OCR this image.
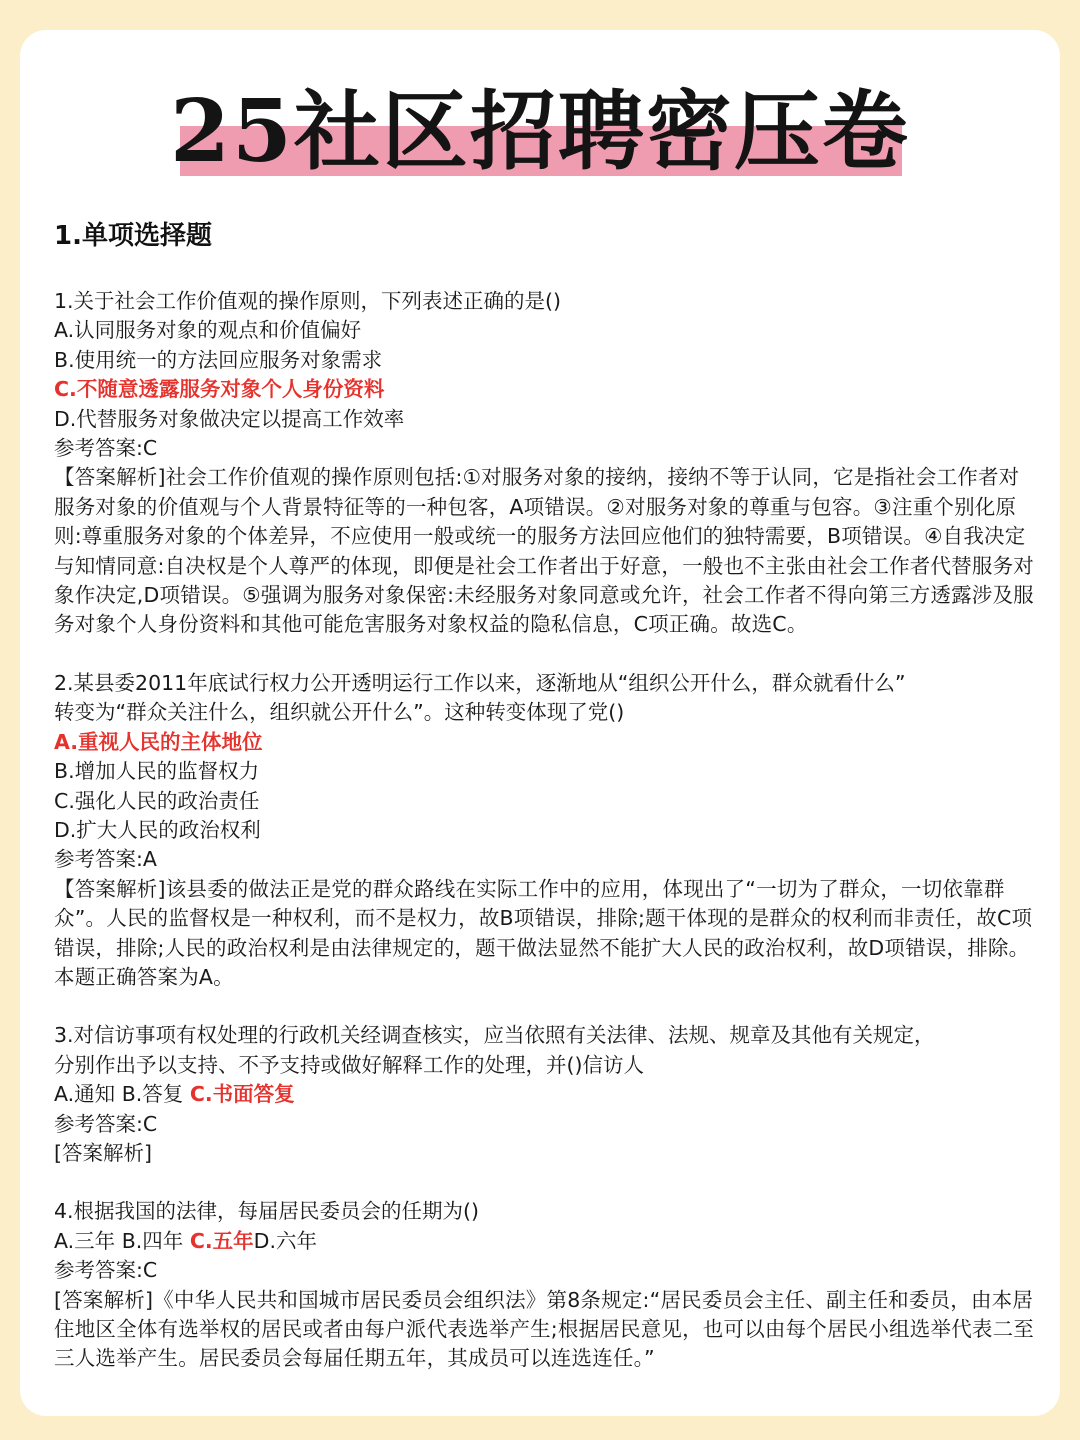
25社区招聘密压卷
1.单项选择题
1.关于社会工作价值观的操作原则，下列表述正确的是()
A.认同服务对象的观点和价值偏好
B.使用统一的方法回应服务对象需求
C.不随意透露服务对象个人身份资料
D.代替服务对象做决定以提高工作效率
参考答案:C
【答案解析]社会工作价值观的操作原则包括:①对服务对象的接纳，接纳不等于认同，它是指社会工作者对服务对象的价值观与个人背景特征等的一种包客，A项错误。②对服务对象的尊重与包容。③注重个别化原则:尊重服务对象的个体差异，不应使用一般或统一的服务方法回应他们的独特需要，B项错误。④自我决定与知情同意:自决权是个人尊严的体现，即便是社会工作者出于好意，一般也不主张由社会工作者代替服务对象作决定,D项错误。⑤强调为服务对象保密:未经服务对象同意或允许，社会工作者不得向第三方透露涉及服务对象个人身份资料和其他可能危害服务对象权益的隐私信息，C项正确。故选C。
2.某县委2011年底试行权力公开透明运行工作以来，逐渐地从“组织公开什么，群众就看什么”
转变为“群众关注什么，组织就公开什么”。这种转变体现了党()
A.重视人民的主体地位
B.增加人民的监督权力
C.强化人民的政治责任
D.扩大人民的政治权利
参考答案:A
【答案解析]该县委的做法正是党的群众路线在实际工作中的应用，体现出了“一切为了群众，一切依靠群众”。人民的监督权是一种权利，而不是权力，故B项错误，排除;题干体现的是群众的权利而非责任，故C项错误，排除;人民的政治权利是由法律规定的，题干做法显然不能扩大人民的政治权利，故D项错误，排除。本题正确答案为A。
3.对信访事项有权处理的行政机关经调查核实，应当依照有关法律、法规、规章及其他有关规定，
分别作出予以支持、不予支持或做好解释工作的处理，并()信访人
A.通知 B.答复 C.书面答复
参考答案:C
[答案解析]
4.根据我国的法律，每届居民委员会的任期为()
A.三年 B.四年 C.五年D.六年
参考答案:C
[答案解析]《中华人民共和国城市居民委员会组织法》第8条规定:“居民委员会主任、副主任和委员，由本居住地区全体有选举权的居民或者由每户派代表选举产生;根据居民意见，也可以由每个居民小组选举代表二至三人选举产生。居民委员会每届任期五年，其成员可以连选连任。”
